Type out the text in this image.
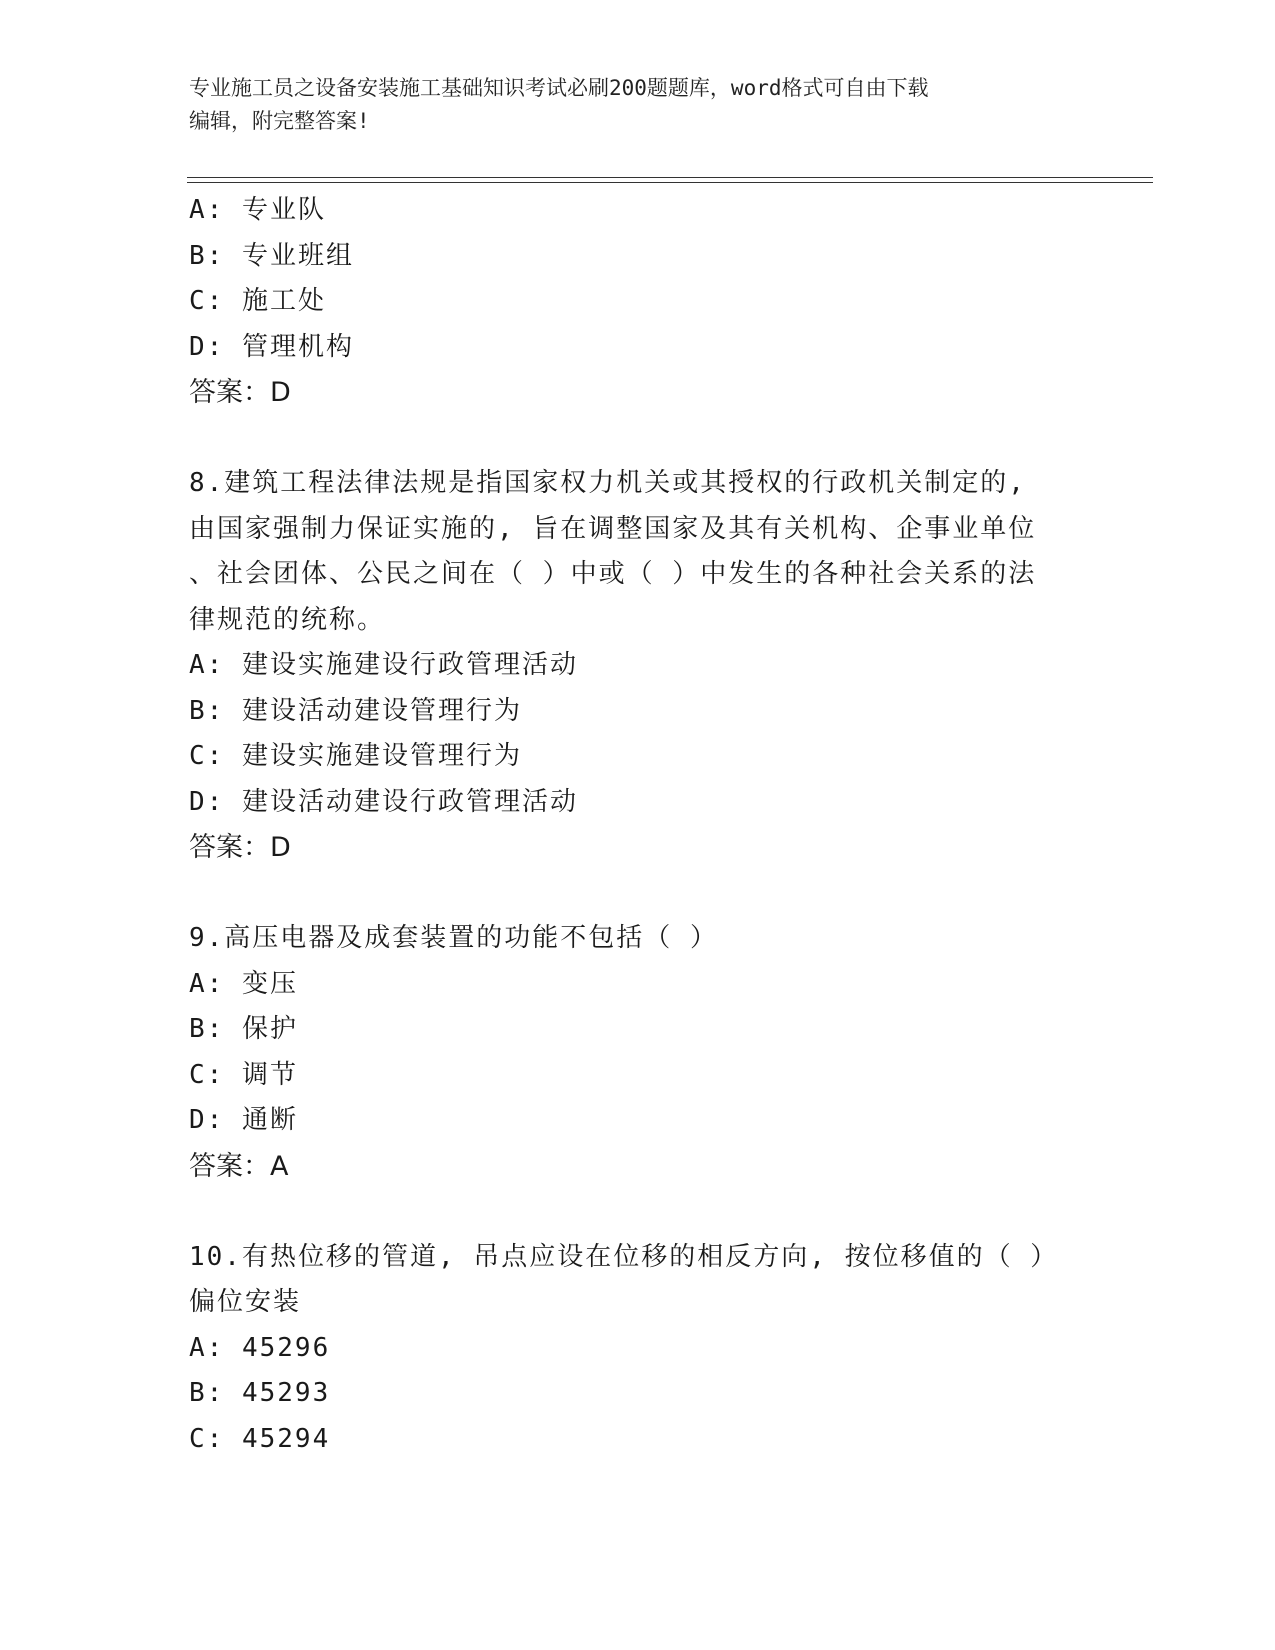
专业施工员之设备安装施工基础知识考试必刷200题题库，word格式可自由下载
编辑，附完整答案!
A: 专业队
B: 专业班组
C: 施工处
D: 管理机构
答案：D
8.建筑工程法律法规是指国家权力机关或其授权的行政机关制定的,
由国家强制力保证实施的, 旨在调整国家及其有关机构、企事业单位
、社会团体、公民之间在（ ）中或（ ）中发生的各种社会关系的法
律规范的统称。
A: 建设实施建设行政管理活动
B: 建设活动建设管理行为
C: 建设实施建设管理行为
D: 建设活动建设行政管理活动
答案：D
9.高压电器及成套装置的功能不包括（ ）
A: 变压
B: 保护
C: 调节
D: 通断
答案：A
10.有热位移的管道, 吊点应设在位移的相反方向, 按位移值的（ ）
偏位安装
A: 45296
B: 45293
C: 45294
